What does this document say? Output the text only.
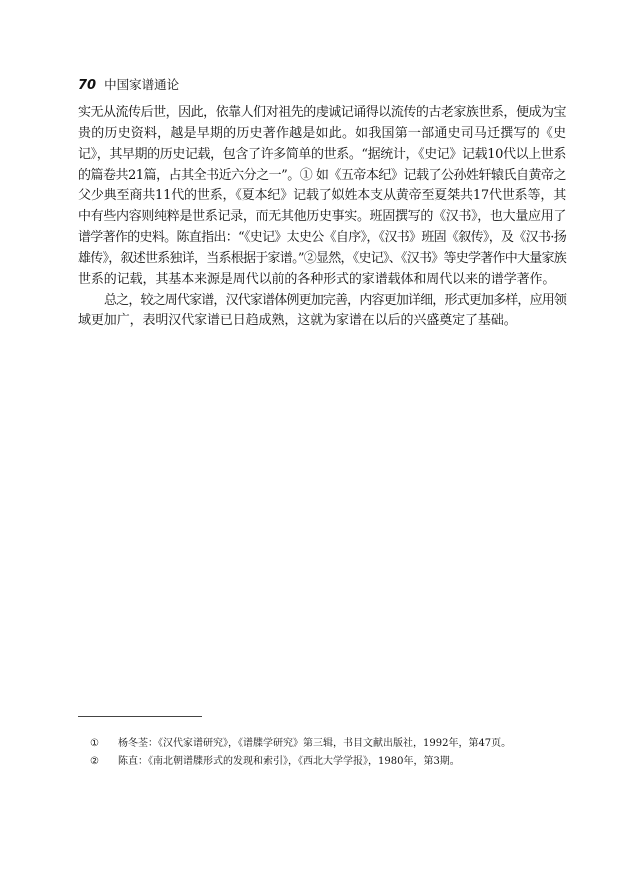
70 中国家谱通论
实无从流传后世，因此，依靠人们对祖先的虔诚记诵得以流传的古老家族世系，便成为宝
贵的历史资料，越是早期的历史著作越是如此。如我国第一部通史司马迁撰写的《史
记》，其早期的历史记载，包含了许多简单的世系。“据统计，《史记》记载10代以上世系
的篇卷共21篇，占其全书近六分之一”。① 如《五帝本纪》记载了公孙姓轩辕氏自黄帝之
父少典至商共11代的世系，《夏本纪》记载了姒姓本支从黄帝至夏桀共17代世系等，其
中有些内容则纯粹是世系记录，而无其他历史事实。班固撰写的《汉书》，也大量应用了
谱学著作的史料。陈直指出：“《史记》太史公《自序》，《汉书》班固《叙传》，及《汉书·扬
雄传》，叙述世系独详，当系根据于家谱。”②显然，《史记》、《汉书》等史学著作中大量家族
世系的记载，其基本来源是周代以前的各种形式的家谱载体和周代以来的谱学著作。
总之，较之周代家谱，汉代家谱体例更加完善，内容更加详细，形式更加多样，应用领
域更加广，表明汉代家谱已日趋成熟，这就为家谱在以后的兴盛奠定了基础。
①	杨冬荃：《汉代家谱研究》，《谱牒学研究》第三辑，书目文献出版社，1992年，第47页。
②	陈直：《南北朝谱牒形式的发现和索引》，《西北大学学报》，1980年，第3期。
